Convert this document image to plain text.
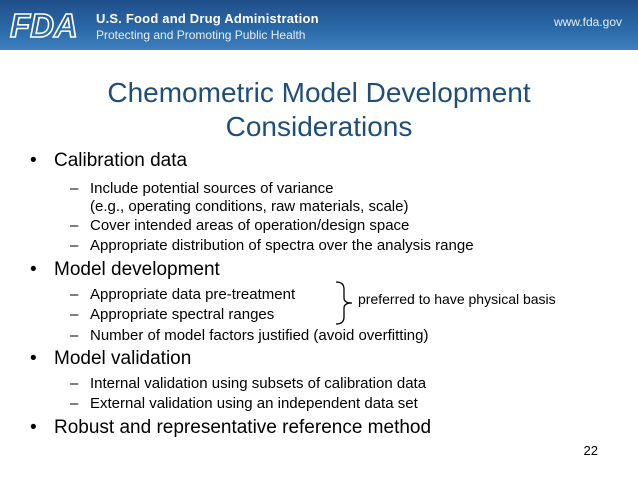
FDA U.S. Food and Drug Administration
Protecting and Promoting Public Health
www.fda.gov
Chemometric Model Development
Considerations
• Calibration data
– Include potential sources of variance
(e.g., operating conditions, raw materials, scale)
– Cover intended areas of operation/design space
– Appropriate distribution of spectra over the analysis range
• Model development
– Appropriate data pre-treatment
– Appropriate spectral ranges
– Number of model factors justified (avoid overfitting)
preferred to have physical basis
• Model validation
– Internal validation using subsets of calibration data
– External validation using an independent data set
• Robust and representative reference method
22
